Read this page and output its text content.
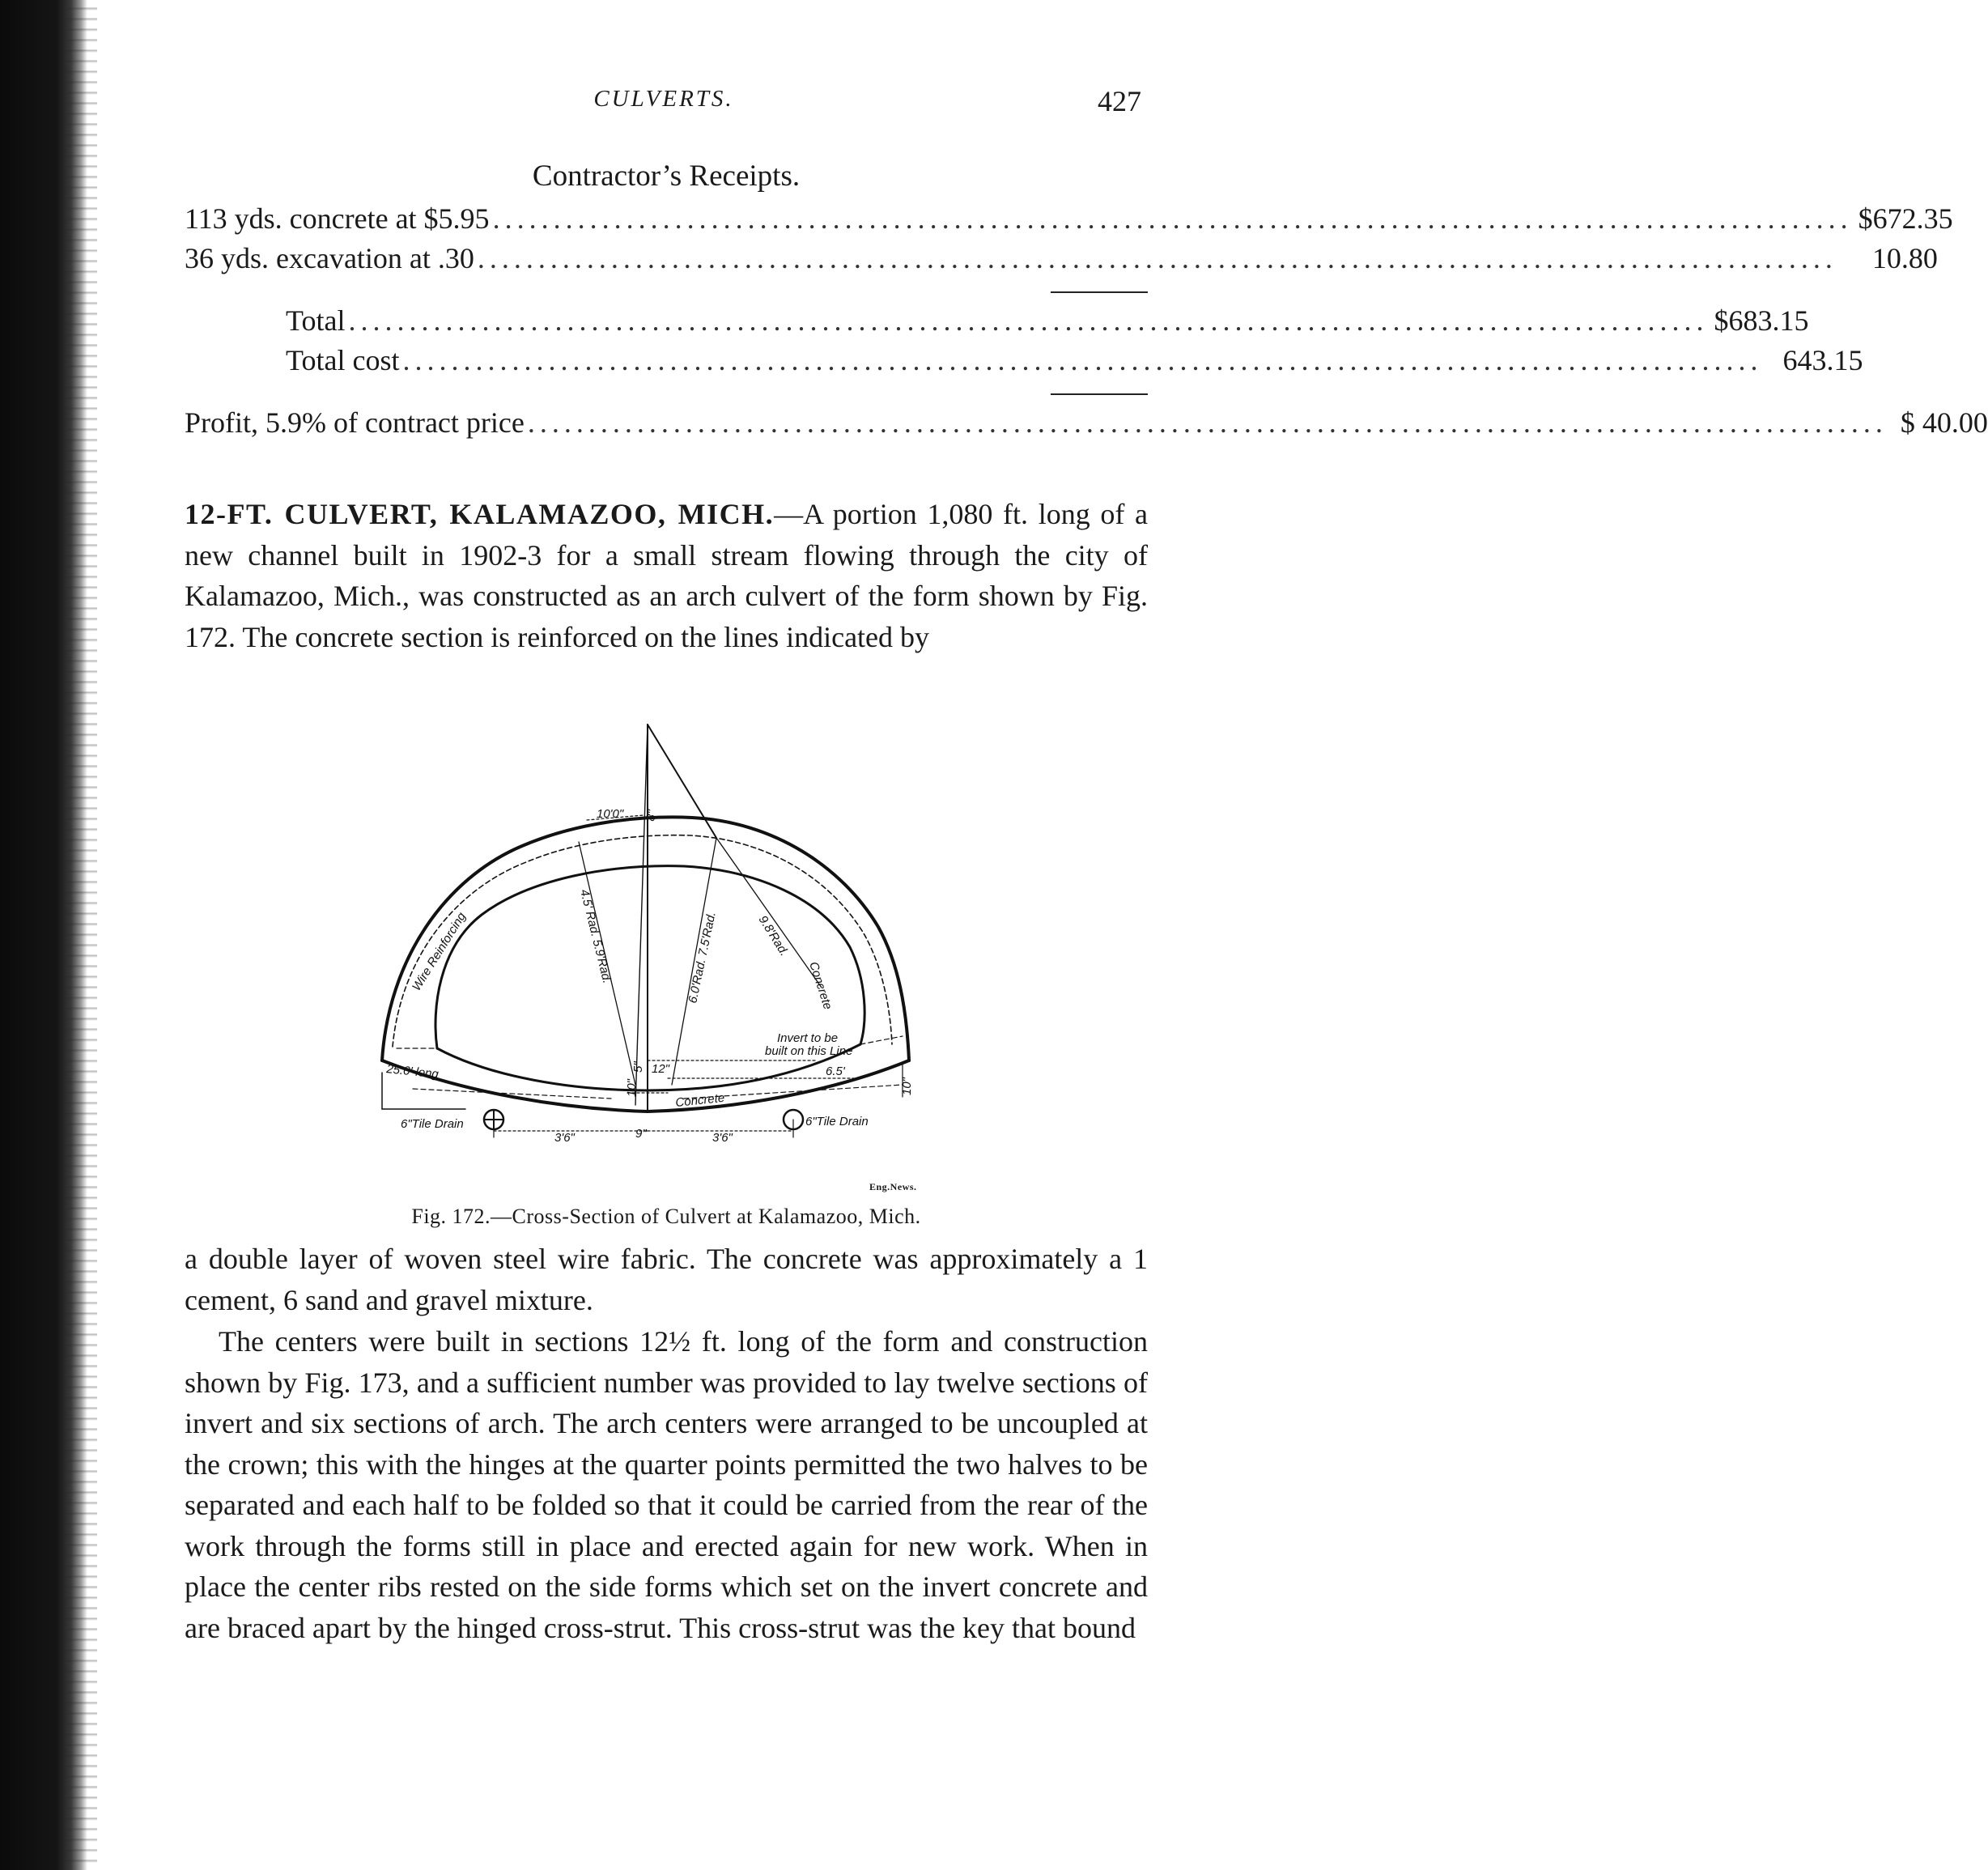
CULVERTS.	427
Contractor’s Receipts.
113 yds. concrete at $5.95 ................................................................................................................ $672.35
36 yds. excavation at .30 ................................................................................................................	10.80
Total ................................................................................................................ $683.15
Total cost ................................................................................................................ 643.15
Profit, 5.9% of contract price ................................................................................................................ $ 40.00

12-FT. CULVERT, KALAMAZOO, MICH.—A portion 1,080 ft. long of a new channel built in 1902-3 for a small stream flowing through the city of Kalamazoo, Mich., was constructed as an arch culvert of the form shown by Fig. 172. The concrete section is reinforced on the lines indicated by

10'0" 8"
Wire Reinforcing	4.5' Rad. 5.9'Rad.	6.0'Rad. 7.5'Rad.	9.8'Rad.
Concrete
Invert to be
built on this Line
25.0' long	12"
10"
5"	6.5'
10"
Concrete
6"Tile Drain	6"Tile Drain
3'6"	3'6"
9"
Eng.News.
Fig. 172.—Cross-Section of Culvert at Kalamazoo, Mich.

a double layer of woven steel wire fabric. The concrete was approximately a 1 cement, 6 sand and gravel mixture.

The centers were built in sections 12½ ft. long of the form and construction shown by Fig. 173, and a sufficient number was provided to lay twelve sections of invert and six sections of arch. The arch centers were arranged to be uncoupled at the crown; this with the hinges at the quarter points permitted the two halves to be separated and each half to be folded so that it could be carried from the rear of the work through the forms still in place and erected again for new work. When in place the center ribs rested on the side forms which set on the invert concrete and are braced apart by the hinged cross-strut. This cross-strut was the key that bound
